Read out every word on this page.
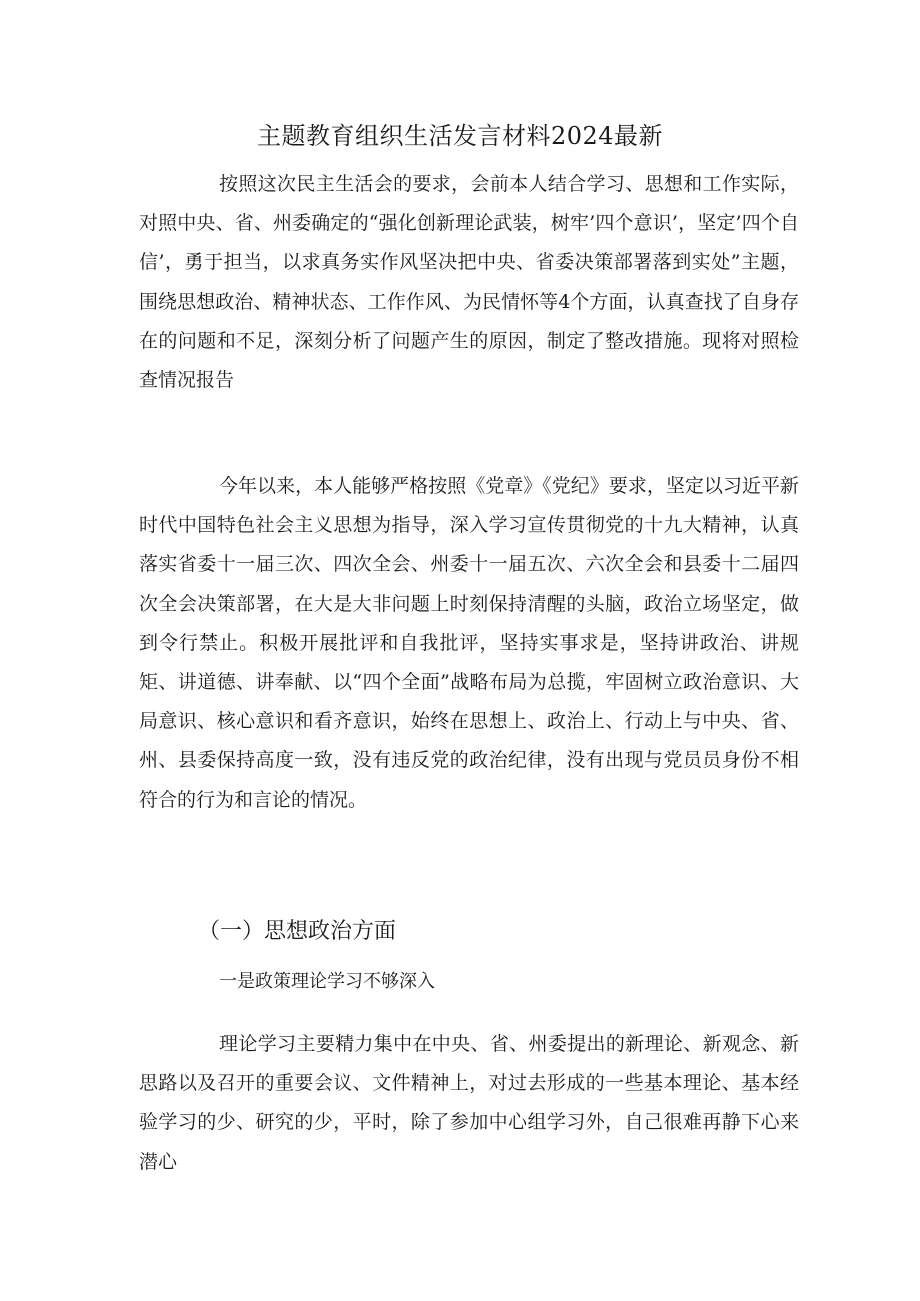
主题教育组织生活发言材料2024最新

按照这次民主生活会的要求，会前本人结合学习、思想和工作实际，对照中央、省、州委确定的“强化创新理论武装，树牢’四个意识’，坚定’四个自信’，勇于担当，以求真务实作风坚决把中央、省委决策部署落到实处”主题，围绕思想政治、精神状态、工作作风、为民情怀等4个方面，认真查找了自身存在的问题和不足，深刻分析了问题产生的原因，制定了整改措施。现将对照检查情况报告

今年以来，本人能够严格按照《党章》《党纪》要求，坚定以习近平新时代中国特色社会主义思想为指导，深入学习宣传贯彻党的十九大精神，认真落实省委十一届三次、四次全会、州委十一届五次、六次全会和县委十二届四次全会决策部署，在大是大非问题上时刻保持清醒的头脑，政治立场坚定，做到令行禁止。积极开展批评和自我批评，坚持实事求是，坚持讲政治、讲规矩、讲道德、讲奉献、以“四个全面”战略布局为总揽，牢固树立政治意识、大局意识、核心意识和看齐意识，始终在思想上、政治上、行动上与中央、省、州、县委保持高度一致，没有违反党的政治纪律，没有出现与党员员身份不相符合的行为和言论的情况。

（一）思想政治方面
一是政策理论学习不够深入

理论学习主要精力集中在中央、省、州委提出的新理论、新观念、新思路以及召开的重要会议、文件精神上，对过去形成的一些基本理论、基本经验学习的少、研究的少，平时，除了参加中心组学习外，自己很难再静下心来潜心
